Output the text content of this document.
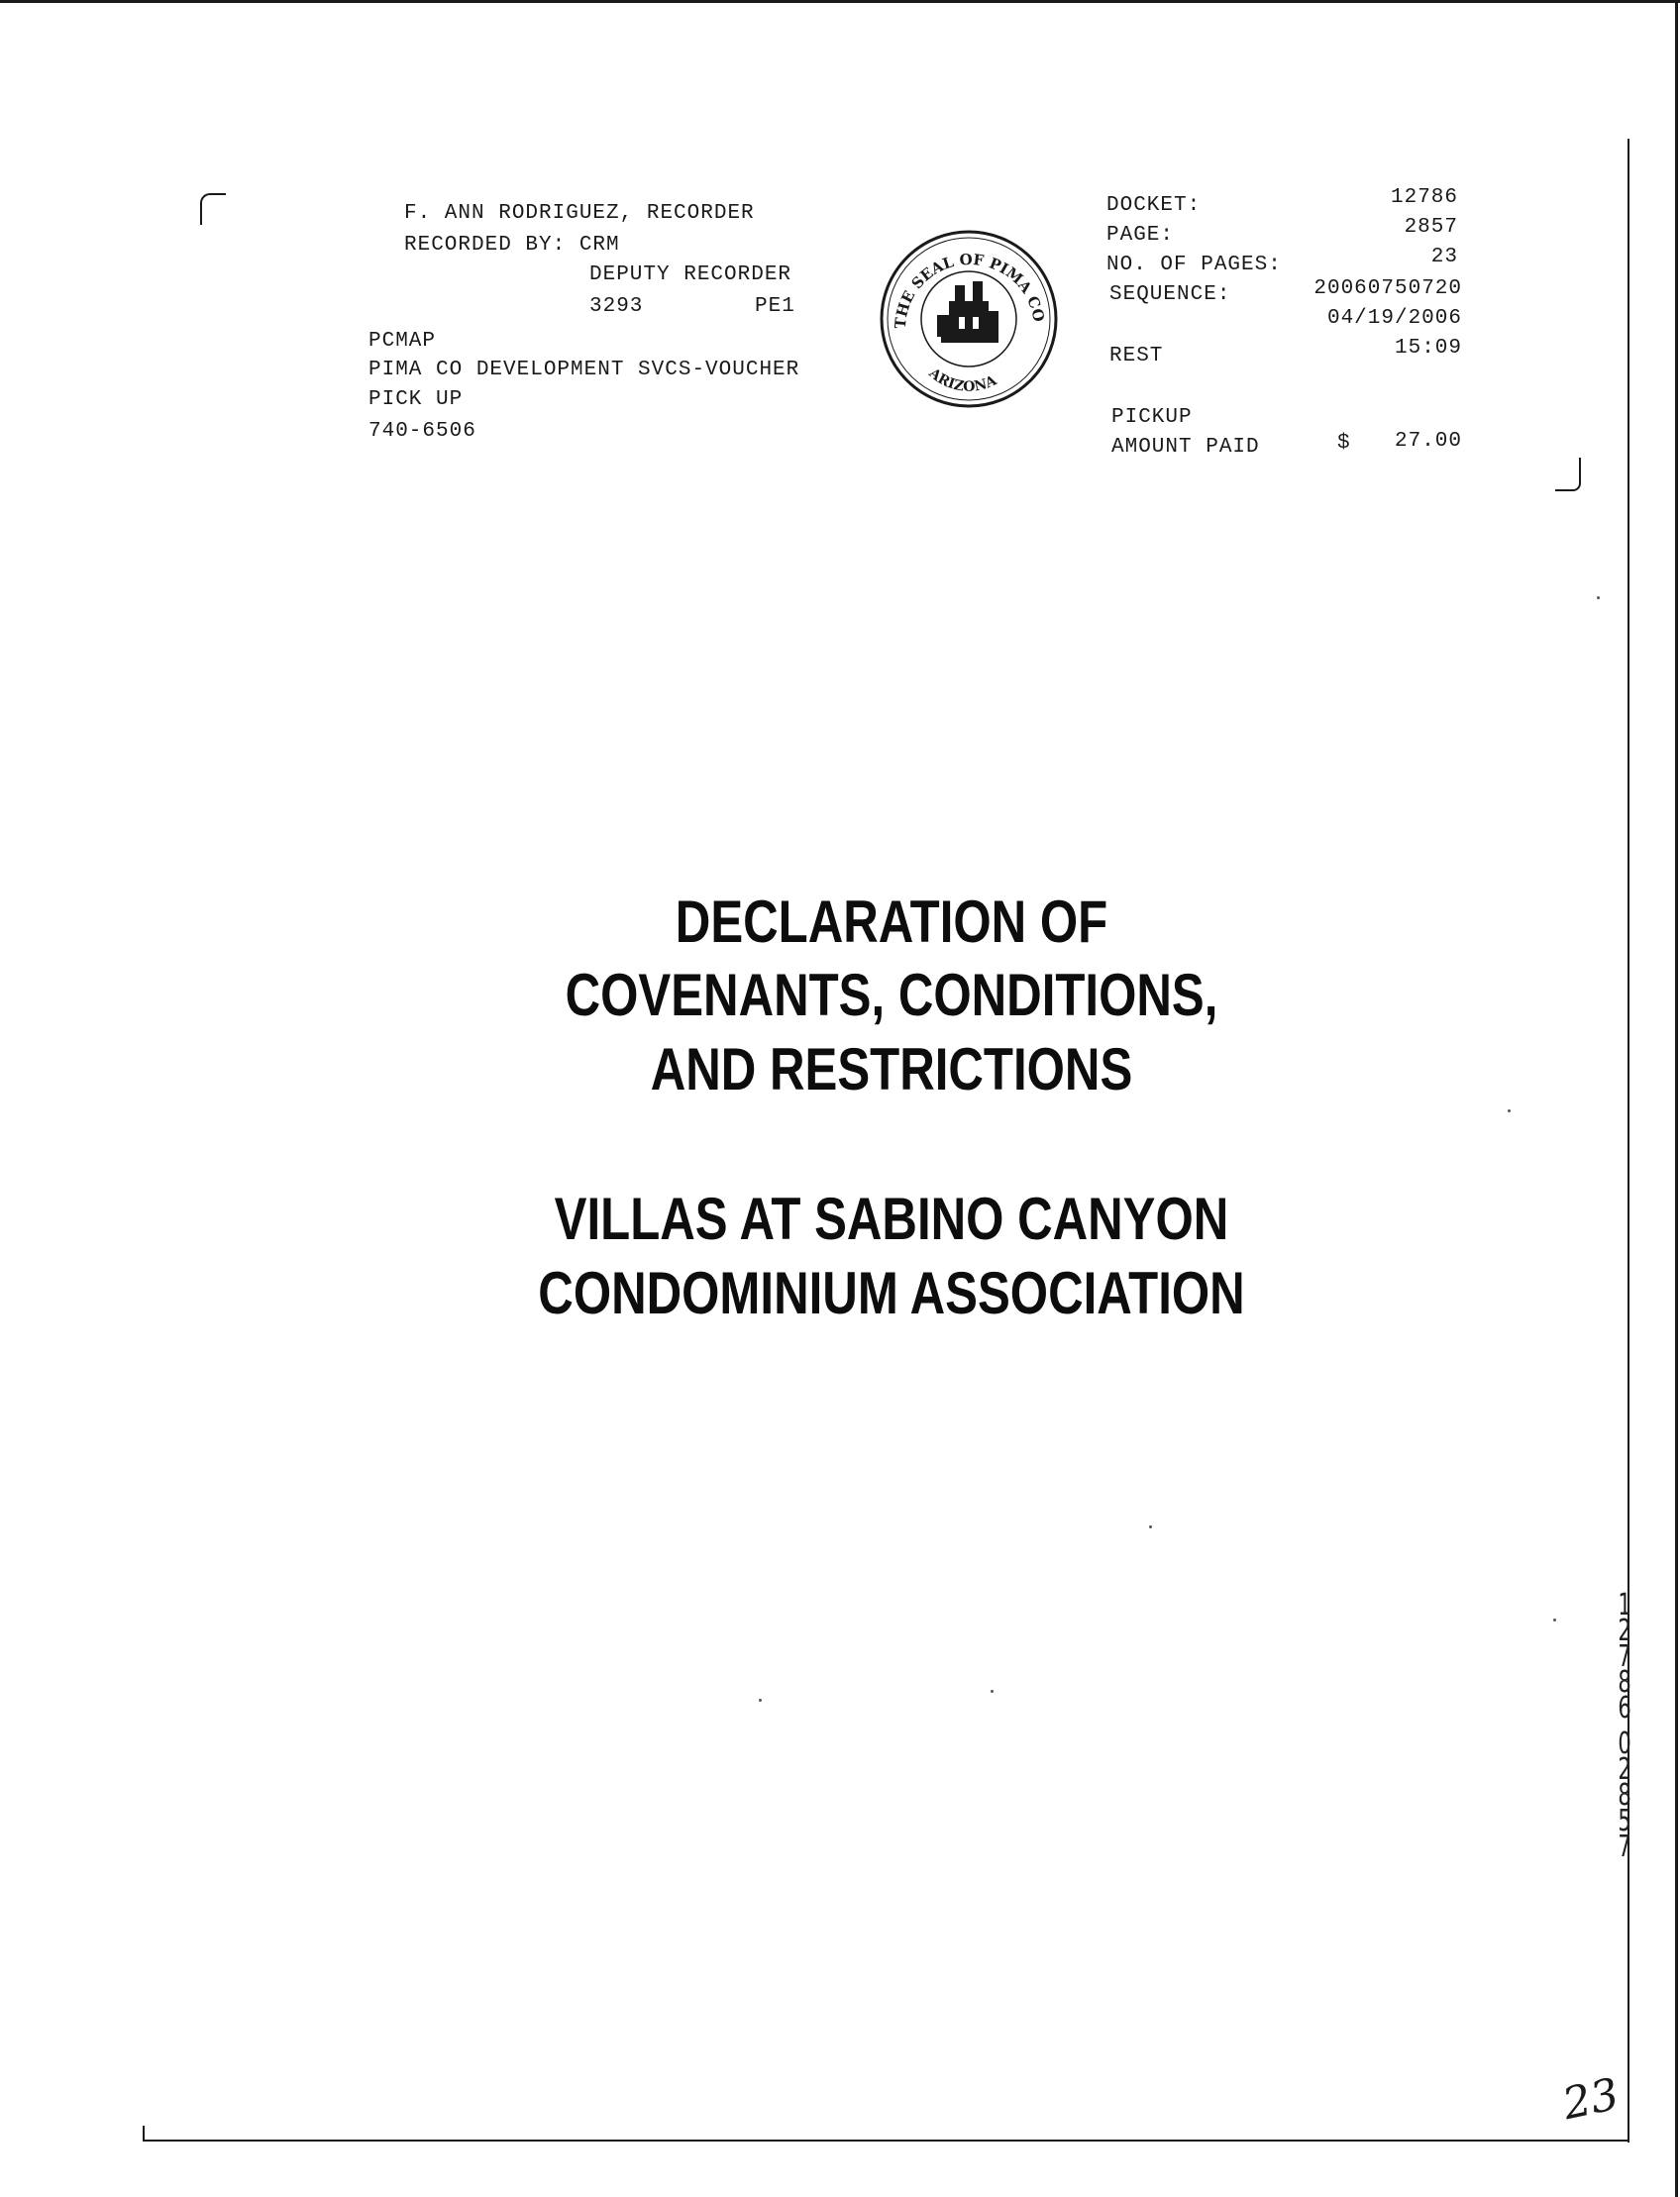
F. ANN RODRIGUEZ, RECORDER
RECORDED BY: CRM
DEPUTY RECORDER
3293	PE1
PCMAP
PIMA CO DEVELOPMENT SVCS-VOUCHER
PICK UP
740-6506
THE SEAL OF PIMA CO
ARIZONA
DOCKET:	12786
PAGE:	2857
NO. OF PAGES:	23
SEQUENCE:	20060750720
04/19/2006
REST	15:09
PICKUP
AMOUNT PAID	$	27.00
DECLARATION OF
COVENANTS, CONDITIONS,
AND RESTRICTIONS
VILLAS AT SABINO CANYON
CONDOMINIUM ASSOCIATION
1
2
7
8
6
0
2
8
5
7
23
